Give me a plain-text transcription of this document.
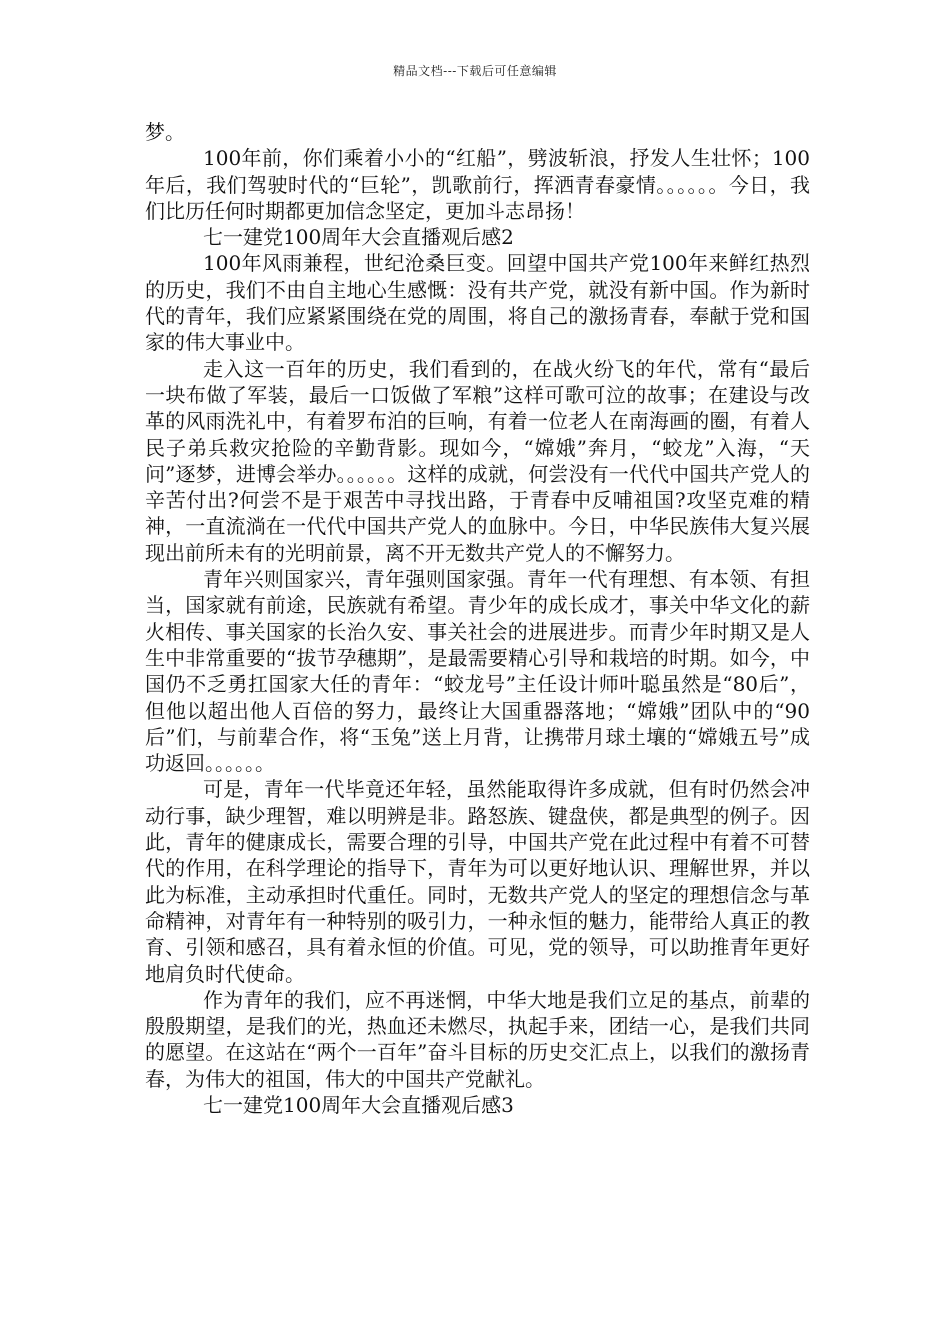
精品文档---下载后可任意编辑

梦。

100年前，你们乘着小小的“红船”，劈波斩浪，抒发人生壮怀；100年后，我们驾驶时代的“巨轮”，凯歌前行，挥洒青春豪情。。。。。。今日，我们比历任何时期都更加信念坚定，更加斗志昂扬！

七一建党100周年大会直播观后感2

100年风雨兼程，世纪沧桑巨变。回望中国共产党100年来鲜红热烈的历史，我们不由自主地心生感慨：没有共产党，就没有新中国。作为新时代的青年，我们应紧紧围绕在党的周围，将自己的激扬青春，奉献于党和国家的伟大事业中。

走入这一百年的历史，我们看到的，在战火纷飞的年代，常有“最后一块布做了军装，最后一口饭做了军粮”这样可歌可泣的故事；在建设与改革的风雨洗礼中，有着罗布泊的巨响，有着一位老人在南海画的圈，有着人民子弟兵救灾抢险的辛勤背影。现如今，“嫦娥”奔月，“蛟龙”入海，“天问”逐梦，进博会举办。。。。。。这样的成就，何尝没有一代代中国共产党人的辛苦付出?何尝不是于艰苦中寻找出路，于青春中反哺祖国?攻坚克难的精神，一直流淌在一代代中国共产党人的血脉中。今日，中华民族伟大复兴展现出前所未有的光明前景，离不开无数共产党人的不懈努力。

青年兴则国家兴，青年强则国家强。青年一代有理想、有本领、有担当，国家就有前途，民族就有希望。青少年的成长成才，事关中华文化的薪火相传、事关国家的长治久安、事关社会的进展进步。而青少年时期又是人生中非常重要的“拔节孕穗期”，是最需要精心引导和栽培的时期。如今，中国仍不乏勇扛国家大任的青年：“蛟龙号”主任设计师叶聪虽然是“80后”，但他以超出他人百倍的努力，最终让大国重器落地；“嫦娥”团队中的“90后”们，与前辈合作，将“玉兔”送上月背，让携带月球土壤的“嫦娥五号”成功返回。。。。。。

可是，青年一代毕竟还年轻，虽然能取得许多成就，但有时仍然会冲动行事，缺少理智，难以明辨是非。路怒族、键盘侠，都是典型的例子。因此，青年的健康成长，需要合理的引导，中国共产党在此过程中有着不可替代的作用，在科学理论的指导下，青年为可以更好地认识、理解世界，并以此为标准，主动承担时代重任。同时，无数共产党人的坚定的理想信念与革命精神，对青年有一种特别的吸引力，一种永恒的魅力，能带给人真正的教育、引领和感召，具有着永恒的价值。可见，党的领导，可以助推青年更好地肩负时代使命。

作为青年的我们，应不再迷惘，中华大地是我们立足的基点，前辈的殷殷期望，是我们的光，热血还未燃尽，执起手来，团结一心，是我们共同的愿望。在这站在“两个一百年”奋斗目标的历史交汇点上，以我们的激扬青春，为伟大的祖国，伟大的中国共产党献礼。

七一建党100周年大会直播观后感3
